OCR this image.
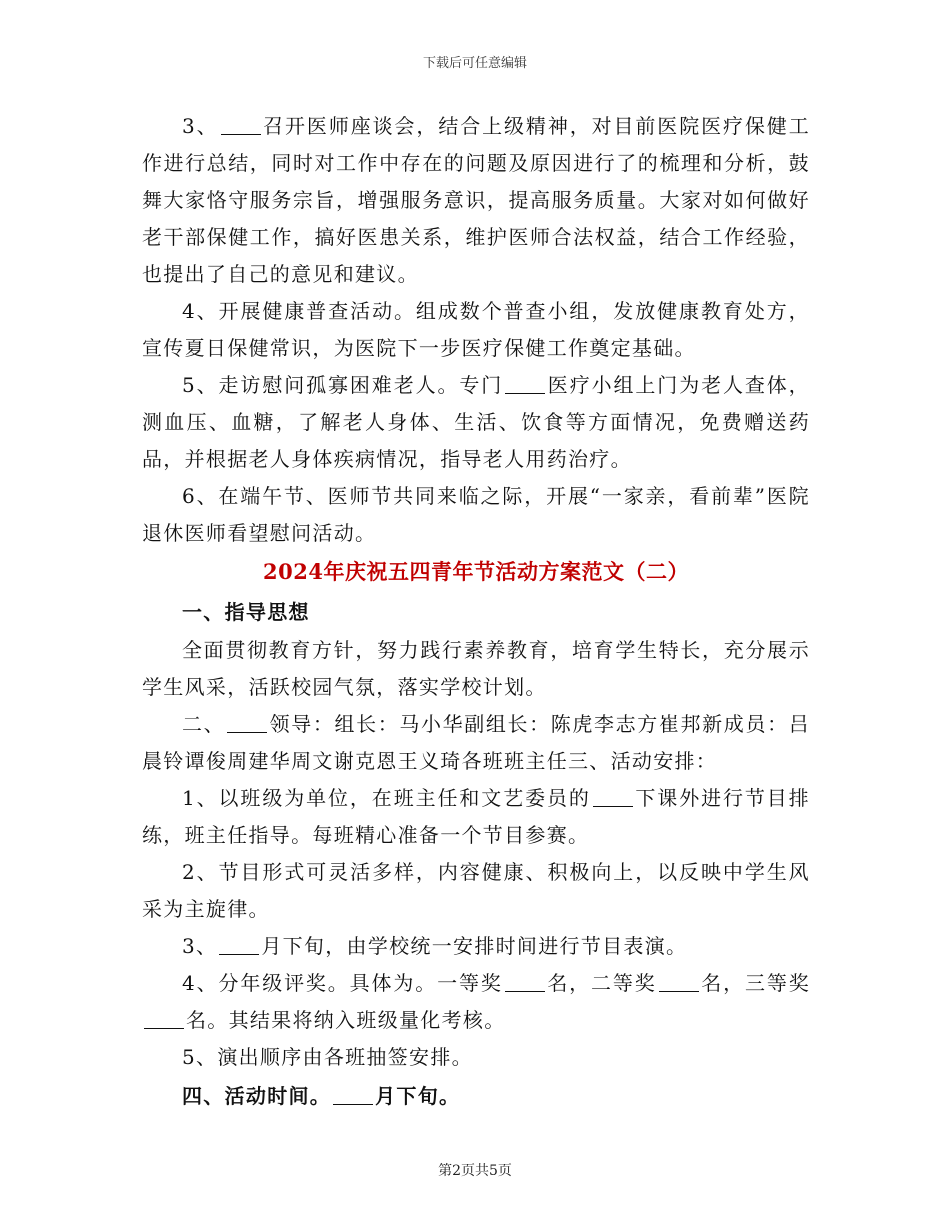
下载后可任意编辑

3、 召开医师座谈会，结合上级精神，对目前医院医疗保健工作进行总结，同时对工作中存在的问题及原因进行了的梳理和分析，鼓舞大家恪守服务宗旨，增强服务意识，提高服务质量。大家对如何做好老干部保健工作，搞好医患关系，维护医师合法权益，结合工作经验，也提出了自己的意见和建议。

4、开展健康普查活动。组成数个普查小组，发放健康教育处方，宣传夏日保健常识，为医院下一步医疗保健工作奠定基础。

5、走访慰问孤寡困难老人。专门 医疗小组上门为老人查体，测血压、血糖，了解老人身体、生活、饮食等方面情况，免费赠送药品，并根据老人身体疾病情况，指导老人用药治疗。

6、在端午节、医师节共同来临之际，开展“一家亲，看前辈”医院退休医师看望慰问活动。

2024年庆祝五四青年节活动方案范文（二）

一、指导思想

全面贯彻教育方针，努力践行素养教育，培育学生特长，充分展示学生风采，活跃校园气氛，落实学校计划。

二、 领导：组长：马小华副组长：陈虎李志方崔邦新成员：吕晨铃谭俊周建华周文谢克恩王义琦各班班主任三、活动安排：

1、以班级为单位，在班主任和文艺委员的 下课外进行节目排练，班主任指导。每班精心准备一个节目参赛。

2、节目形式可灵活多样，内容健康、积极向上，以反映中学生风采为主旋律。

3、 月下旬，由学校统一安排时间进行节目表演。

4、分年级评奖。具体为。一等奖 名，二等奖 名，三等奖名。其结果将纳入班级量化考核。

5、演出顺序由各班抽签安排。

四、活动时间。 月下旬。

第2页共5页
